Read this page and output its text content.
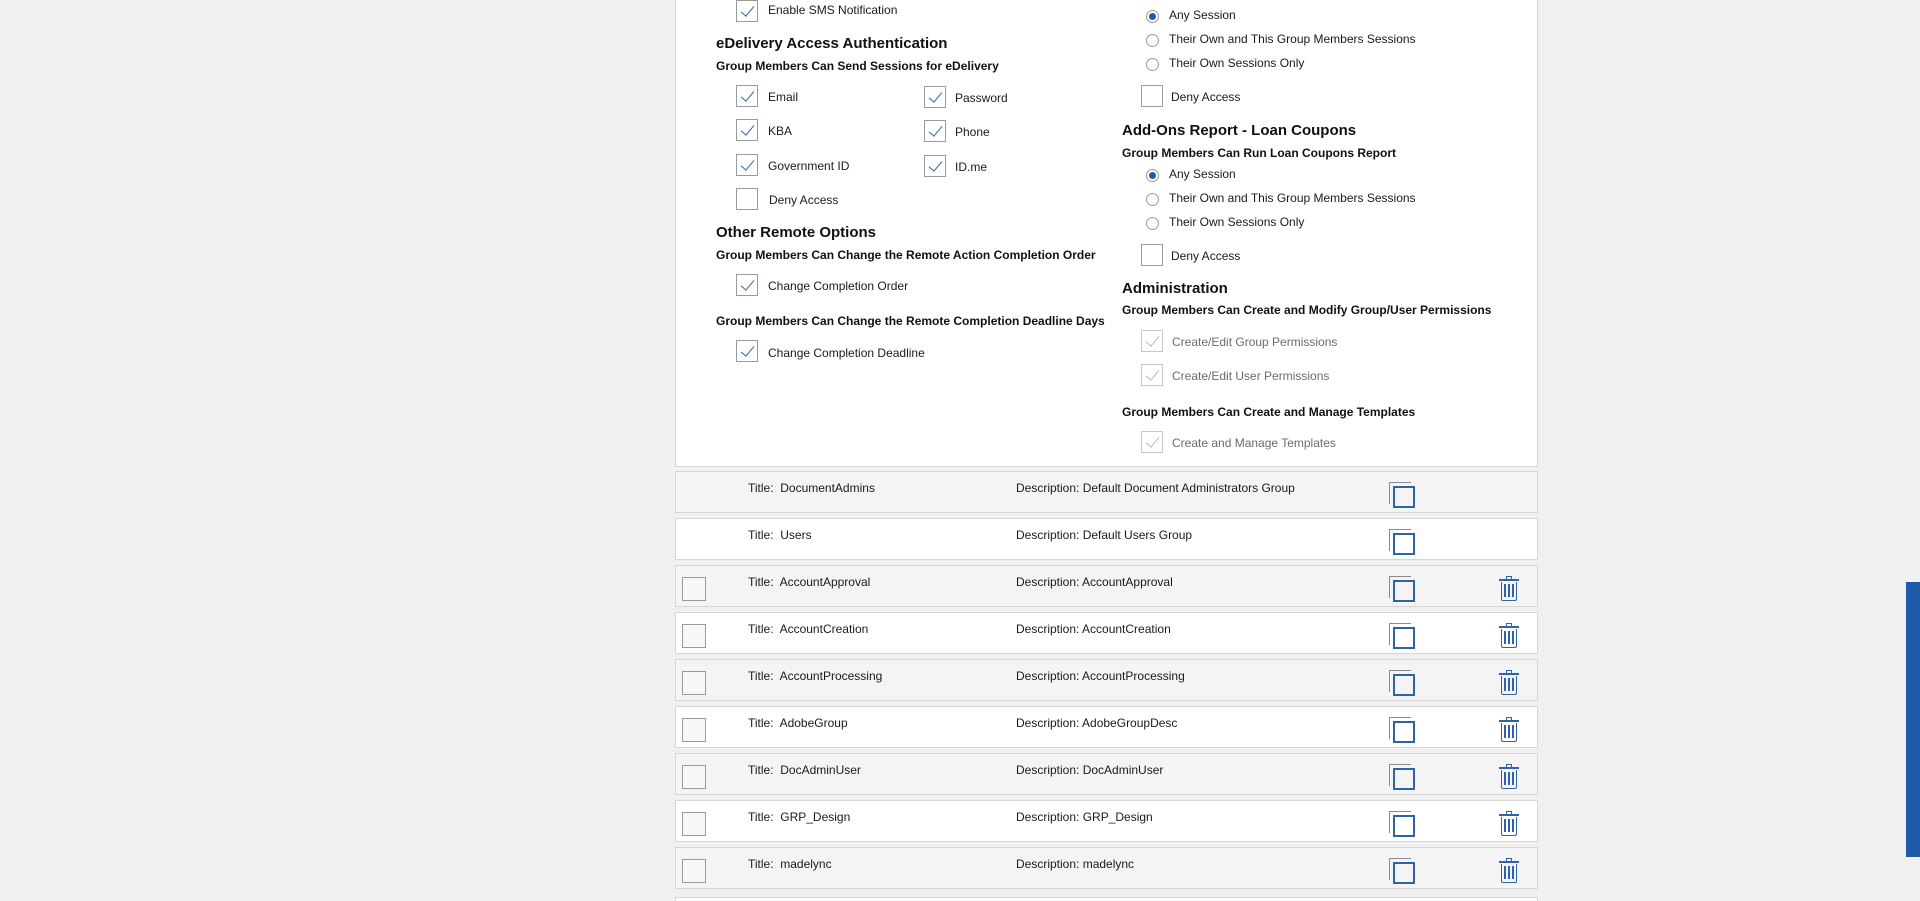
Enable SMS Notification
eDelivery Access Authentication
Group Members Can Send Sessions for eDelivery
Email	Password
KBA	Phone
Government ID	ID.me
Deny Access
Other Remote Options
Group Members Can Change the Remote Action Completion Order
Change Completion Order
Group Members Can Change the Remote Completion Deadline Days
Change Completion Deadline
Any Session
Their Own and This Group Members Sessions
Their Own Sessions Only
Deny Access
Add-Ons Report - Loan Coupons
Group Members Can Run Loan Coupons Report
Any Session
Their Own and This Group Members Sessions
Their Own Sessions Only
Deny Access
Administration
Group Members Can Create and Modify Group/User Permissions
Create/Edit Group Permissions
Create/Edit User Permissions
Group Members Can Create and Manage Templates
Create and Manage Templates
Title: DocumentAdmins	Description: Default Document Administrators Group
Title: Users	Description: Default Users Group
Title: AccountApproval	Description: AccountApproval
Title: AccountCreation	Description: AccountCreation
Title: AccountProcessing	Description: AccountProcessing
Title: AdobeGroup	Description: AdobeGroupDesc
Title: DocAdminUser	Description: DocAdminUser
Title: GRP_Design	Description: GRP_Design
Title: madelync	Description: madelync
